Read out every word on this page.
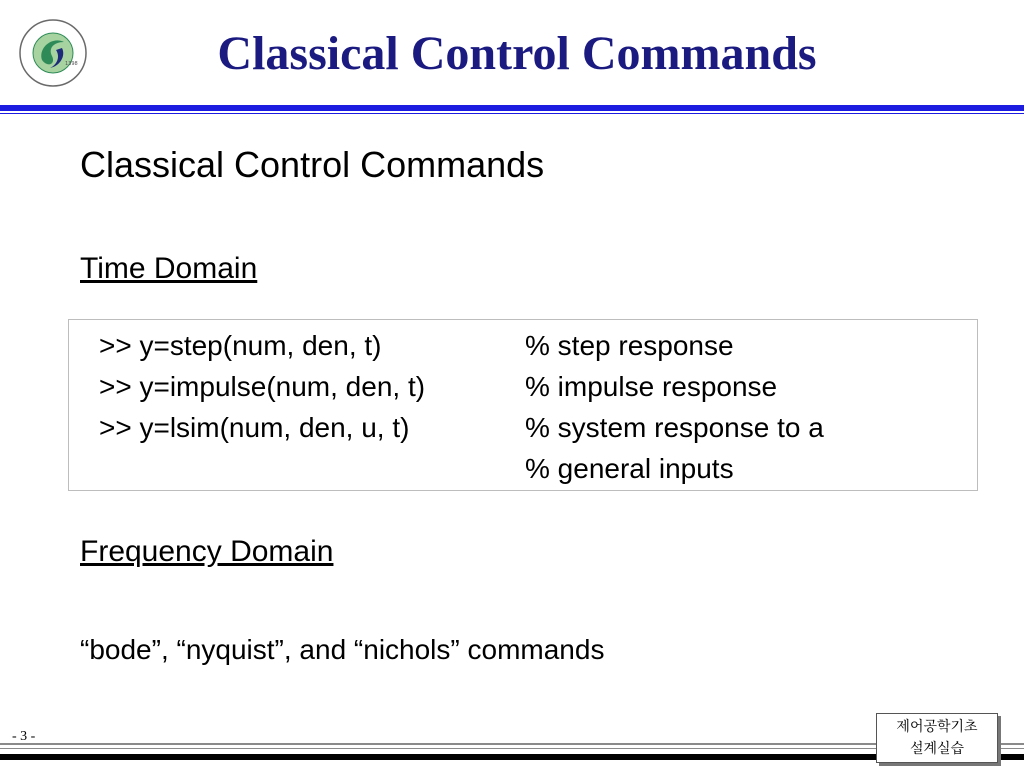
1398	Classical Control Commands
Classical Control Commands
Time Domain
>> y=step(num, den, t)	% step response
>> y=impulse(num, den, t)	% impulse response
>> y=lsim(num, den, u, t)	% system response to a
% general inputs
Frequency Domain
“bode”, “nyquist”, and “nichols” commands
- 3 -
제어공학기초
설계실습
